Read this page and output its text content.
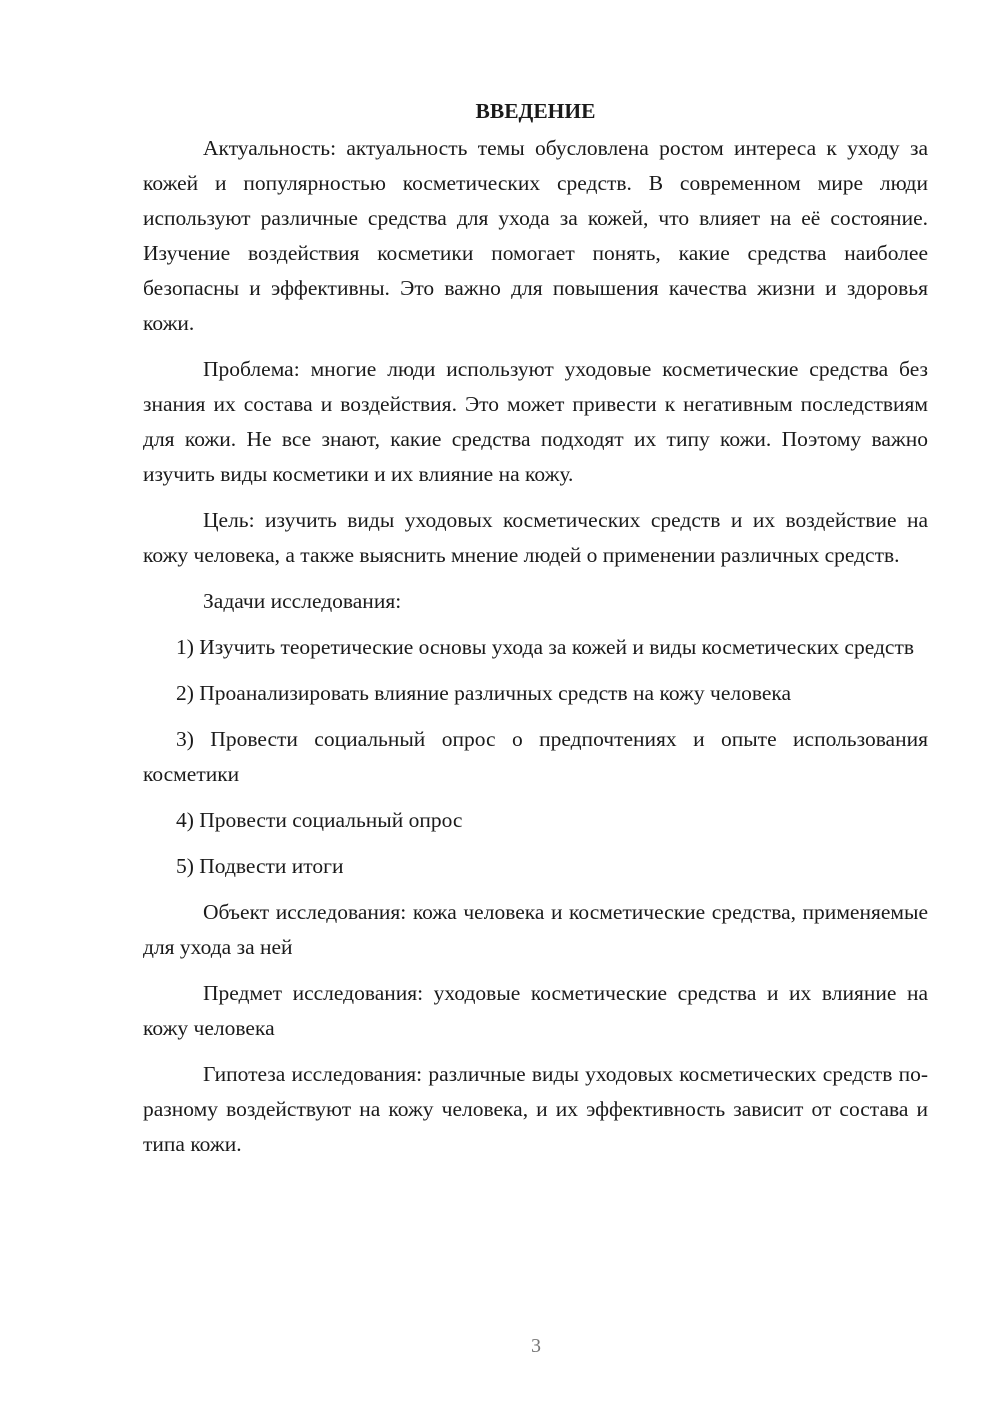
ВВЕДЕНИЕ

Актуальность: актуальность темы обусловлена ростом интереса к уходу за кожей и популярностью косметических средств. В современном мире люди используют различные средства для ухода за кожей, что влияет на её состояние. Изучение воздействия косметики помогает понять, какие средства наиболее безопасны и эффективны. Это важно для повышения качества жизни и здоровья кожи.

Проблема: многие люди используют уходовые косметические средства без знания их состава и воздействия. Это может привести к негативным последствиям для кожи. Не все знают, какие средства подходят их типу кожи. Поэтому важно изучить виды косметики и их влияние на кожу.

Цель: изучить виды уходовых косметических средств и их воздействие на кожу человека, а также выяснить мнение людей о применении различных средств.

Задачи исследования:

1) Изучить теоретические основы ухода за кожей и виды косметических средств

2) Проанализировать влияние различных средств на кожу человека

3) Провести социальный опрос о предпочтениях и опыте использования косметики

4) Провести социальный опрос

5) Подвести итоги

Объект исследования: кожа человека и косметические средства, применяемые для ухода за ней

Предмет исследования: уходовые косметические средства и их влияние на кожу человека

Гипотеза исследования: различные виды уходовых косметических средств по-разному воздействуют на кожу человека, и их эффективность зависит от состава и типа кожи.

3
